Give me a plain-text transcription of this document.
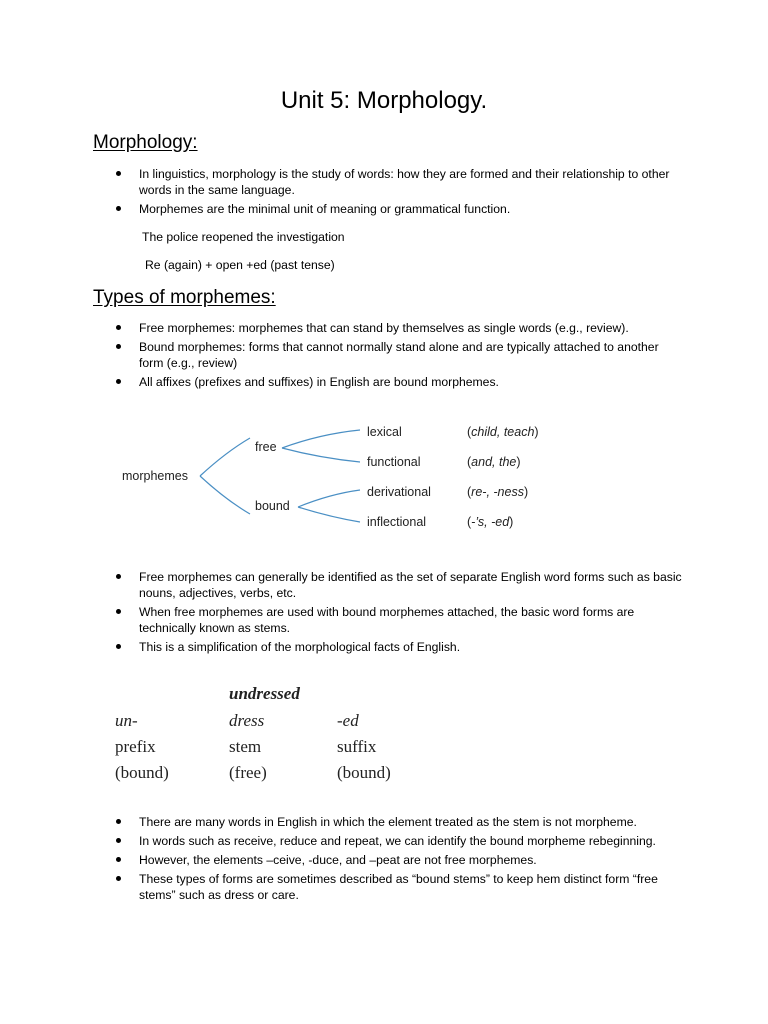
Unit 5: Morphology.
Morphology:
In linguistics, morphology is the study of words: how they are formed and their relationship to other words in the same language.
Morphemes are the minimal unit of meaning or grammatical function.
The police reopened the investigation
Re (again) + open +ed (past tense)
Types of morphemes:
Free morphemes: morphemes that can stand by themselves as single words (e.g., review).
Bound morphemes: forms that cannot normally stand alone and are typically attached to another form (e.g., review)
All affixes (prefixes and suffixes) in English are bound morphemes.
morphemes
free
bound
lexical
functional
derivational
inflectional
(child, teach)
(and, the)
(re-, -ness)
(-’s, -ed)
Free morphemes can generally be identified as the set of separate English word forms such as basic nouns, adjectives, verbs, etc.
When free morphemes are used with bound morphemes attached, the basic word forms are technically known as stems.
This is a simplification of the morphological facts of English.
undressed
un-	dress	-ed
prefix	stem	suffix
(bound)	(free)	(bound)
There are many words in English in which the element treated as the stem is not morpheme.
In words such as receive, reduce and repeat, we can identify the bound morpheme rebeginning.
However, the elements –ceive, -duce, and –peat are not free morphemes.
These types of forms are sometimes described as “bound stems” to keep hem distinct form “free stems” such as dress or care.
